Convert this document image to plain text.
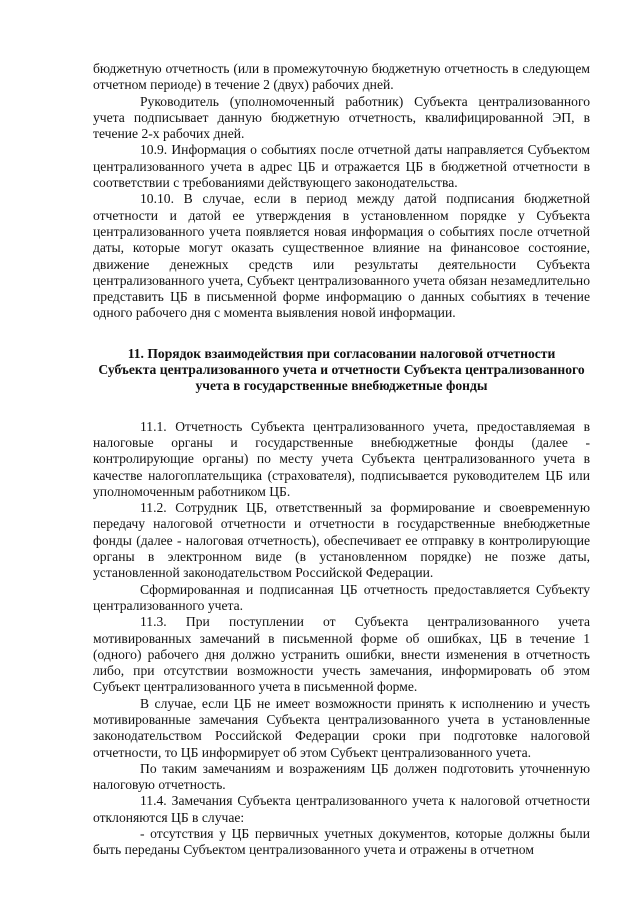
бюджетную отчетность (или в промежуточную бюджетную отчетность в следующем отчетном периоде) в течение 2 (двух) рабочих дней.

Руководитель (уполномоченный работник) Субъекта централизованного учета подписывает данную бюджетную отчетность, квалифицированной ЭП, в течение 2-х рабочих дней.

10.9. Информация о событиях после отчетной даты направляется Субъектом централизованного учета в адрес ЦБ и отражается ЦБ в бюджетной отчетности в соответствии с требованиями действующего законодательства.

10.10. В случае, если в период между датой подписания бюджетной отчетности и датой ее утверждения в установленном порядке у Субъекта централизованного учета появляется новая информация о событиях после отчетной даты, которые могут оказать существенное влияние на финансовое состояние, движение денежных средств или результаты деятельности Субъекта централизованного учета, Субъект централизованного учета обязан незамедлительно представить ЦБ в письменной форме информацию о данных событиях в течение одного рабочего дня с момента выявления новой информации.

11. Порядок взаимодействия при согласовании налоговой отчетности
Субъекта централизованного учета и отчетности Субъекта централизованного
учета в государственные внебюджетные фонды

11.1. Отчетность Субъекта централизованного учета, предоставляемая в налоговые органы и государственные внебюджетные фонды (далее - контролирующие органы) по месту учета Субъекта централизованного учета в качестве налогоплательщика (страхователя), подписывается руководителем ЦБ или уполномоченным работником ЦБ.

11.2. Сотрудник ЦБ, ответственный за формирование и своевременную передачу налоговой отчетности и отчетности в государственные внебюджетные фонды (далее - налоговая отчетность), обеспечивает ее отправку в контролирующие органы в электронном виде (в установленном порядке) не позже даты, установленной законодательством Российской Федерации.

Сформированная и подписанная ЦБ отчетность предоставляется Субъекту централизованного учета.

11.3. При поступлении от Субъекта централизованного учета мотивированных замечаний в письменной форме об ошибках, ЦБ в течение 1 (одного) рабочего дня должно устранить ошибки, внести изменения в отчетность либо, при отсутствии возможности учесть замечания, информировать об этом Субъект централизованного учета в письменной форме.

В случае, если ЦБ не имеет возможности принять к исполнению и учесть мотивированные замечания Субъекта централизованного учета в установленные законодательством Российской Федерации сроки при подготовке налоговой отчетности, то ЦБ информирует об этом Субъект централизованного учета.

По таким замечаниям и возражениям ЦБ должен подготовить уточненную налоговую отчетность.

11.4. Замечания Субъекта централизованного учета к налоговой отчетности отклоняются ЦБ в случае:

- отсутствия у ЦБ первичных учетных документов, которые должны были быть переданы Субъектом централизованного учета и отражены в отчетном
